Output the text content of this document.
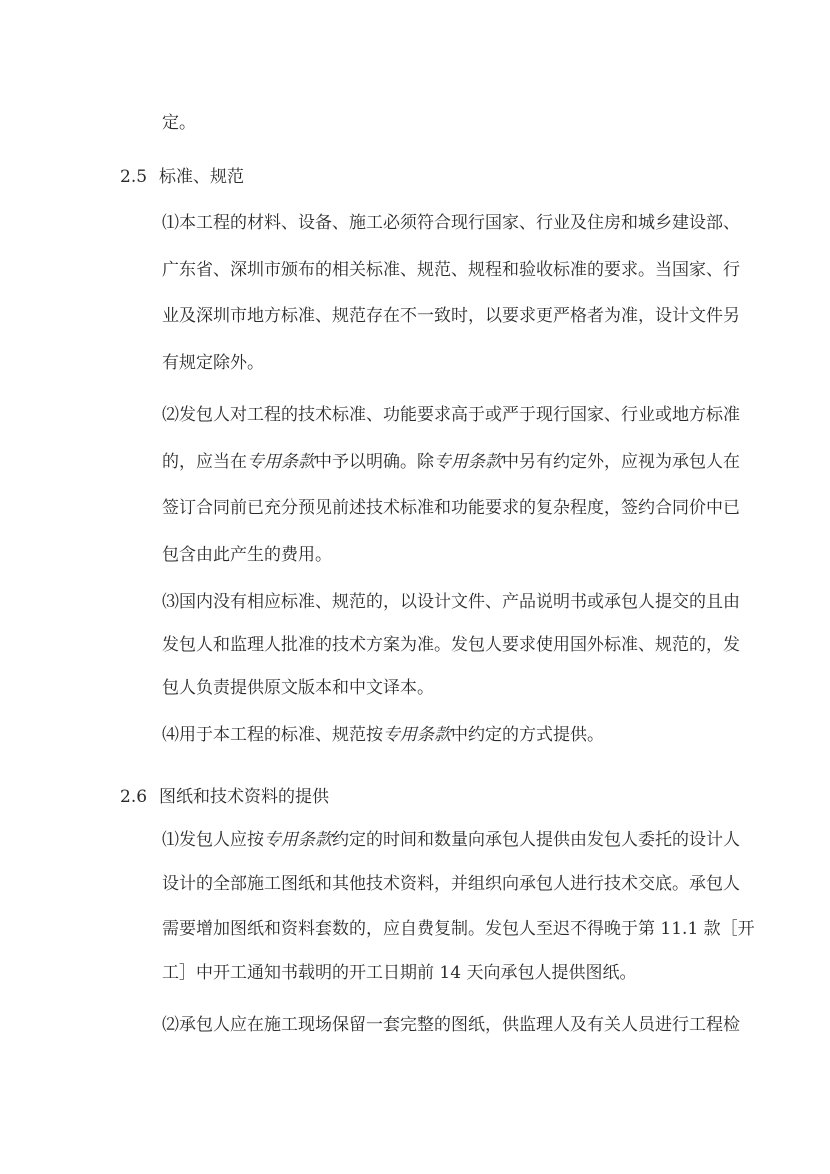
定。
2.5 标准、规范
⑴本工程的材料、设备、施工必须符合现行国家、行业及住房和城乡建设部、
广东省、深圳市颁布的相关标准、规范、规程和验收标准的要求。当国家、行
业及深圳市地方标准、规范存在不一致时，以要求更严格者为准，设计文件另
有规定除外。
⑵发包人对工程的技术标准、功能要求高于或严于现行国家、行业或地方标准
的，应当在专用条款中予以明确。除专用条款中另有约定外，应视为承包人在
签订合同前已充分预见前述技术标准和功能要求的复杂程度，签约合同价中已
包含由此产生的费用。
⑶国内没有相应标准、规范的，以设计文件、产品说明书或承包人提交的且由
发包人和监理人批准的技术方案为准。发包人要求使用国外标准、规范的，发
包人负责提供原文版本和中文译本。
⑷用于本工程的标准、规范按专用条款中约定的方式提供。
2.6 图纸和技术资料的提供
⑴发包人应按专用条款约定的时间和数量向承包人提供由发包人委托的设计人
设计的全部施工图纸和其他技术资料，并组织向承包人进行技术交底。承包人
需要增加图纸和资料套数的，应自费复制。发包人至迟不得晚于第 11.1 款［开
工］中开工通知书载明的开工日期前 14 天向承包人提供图纸。
⑵承包人应在施工现场保留一套完整的图纸，供监理人及有关人员进行工程检
